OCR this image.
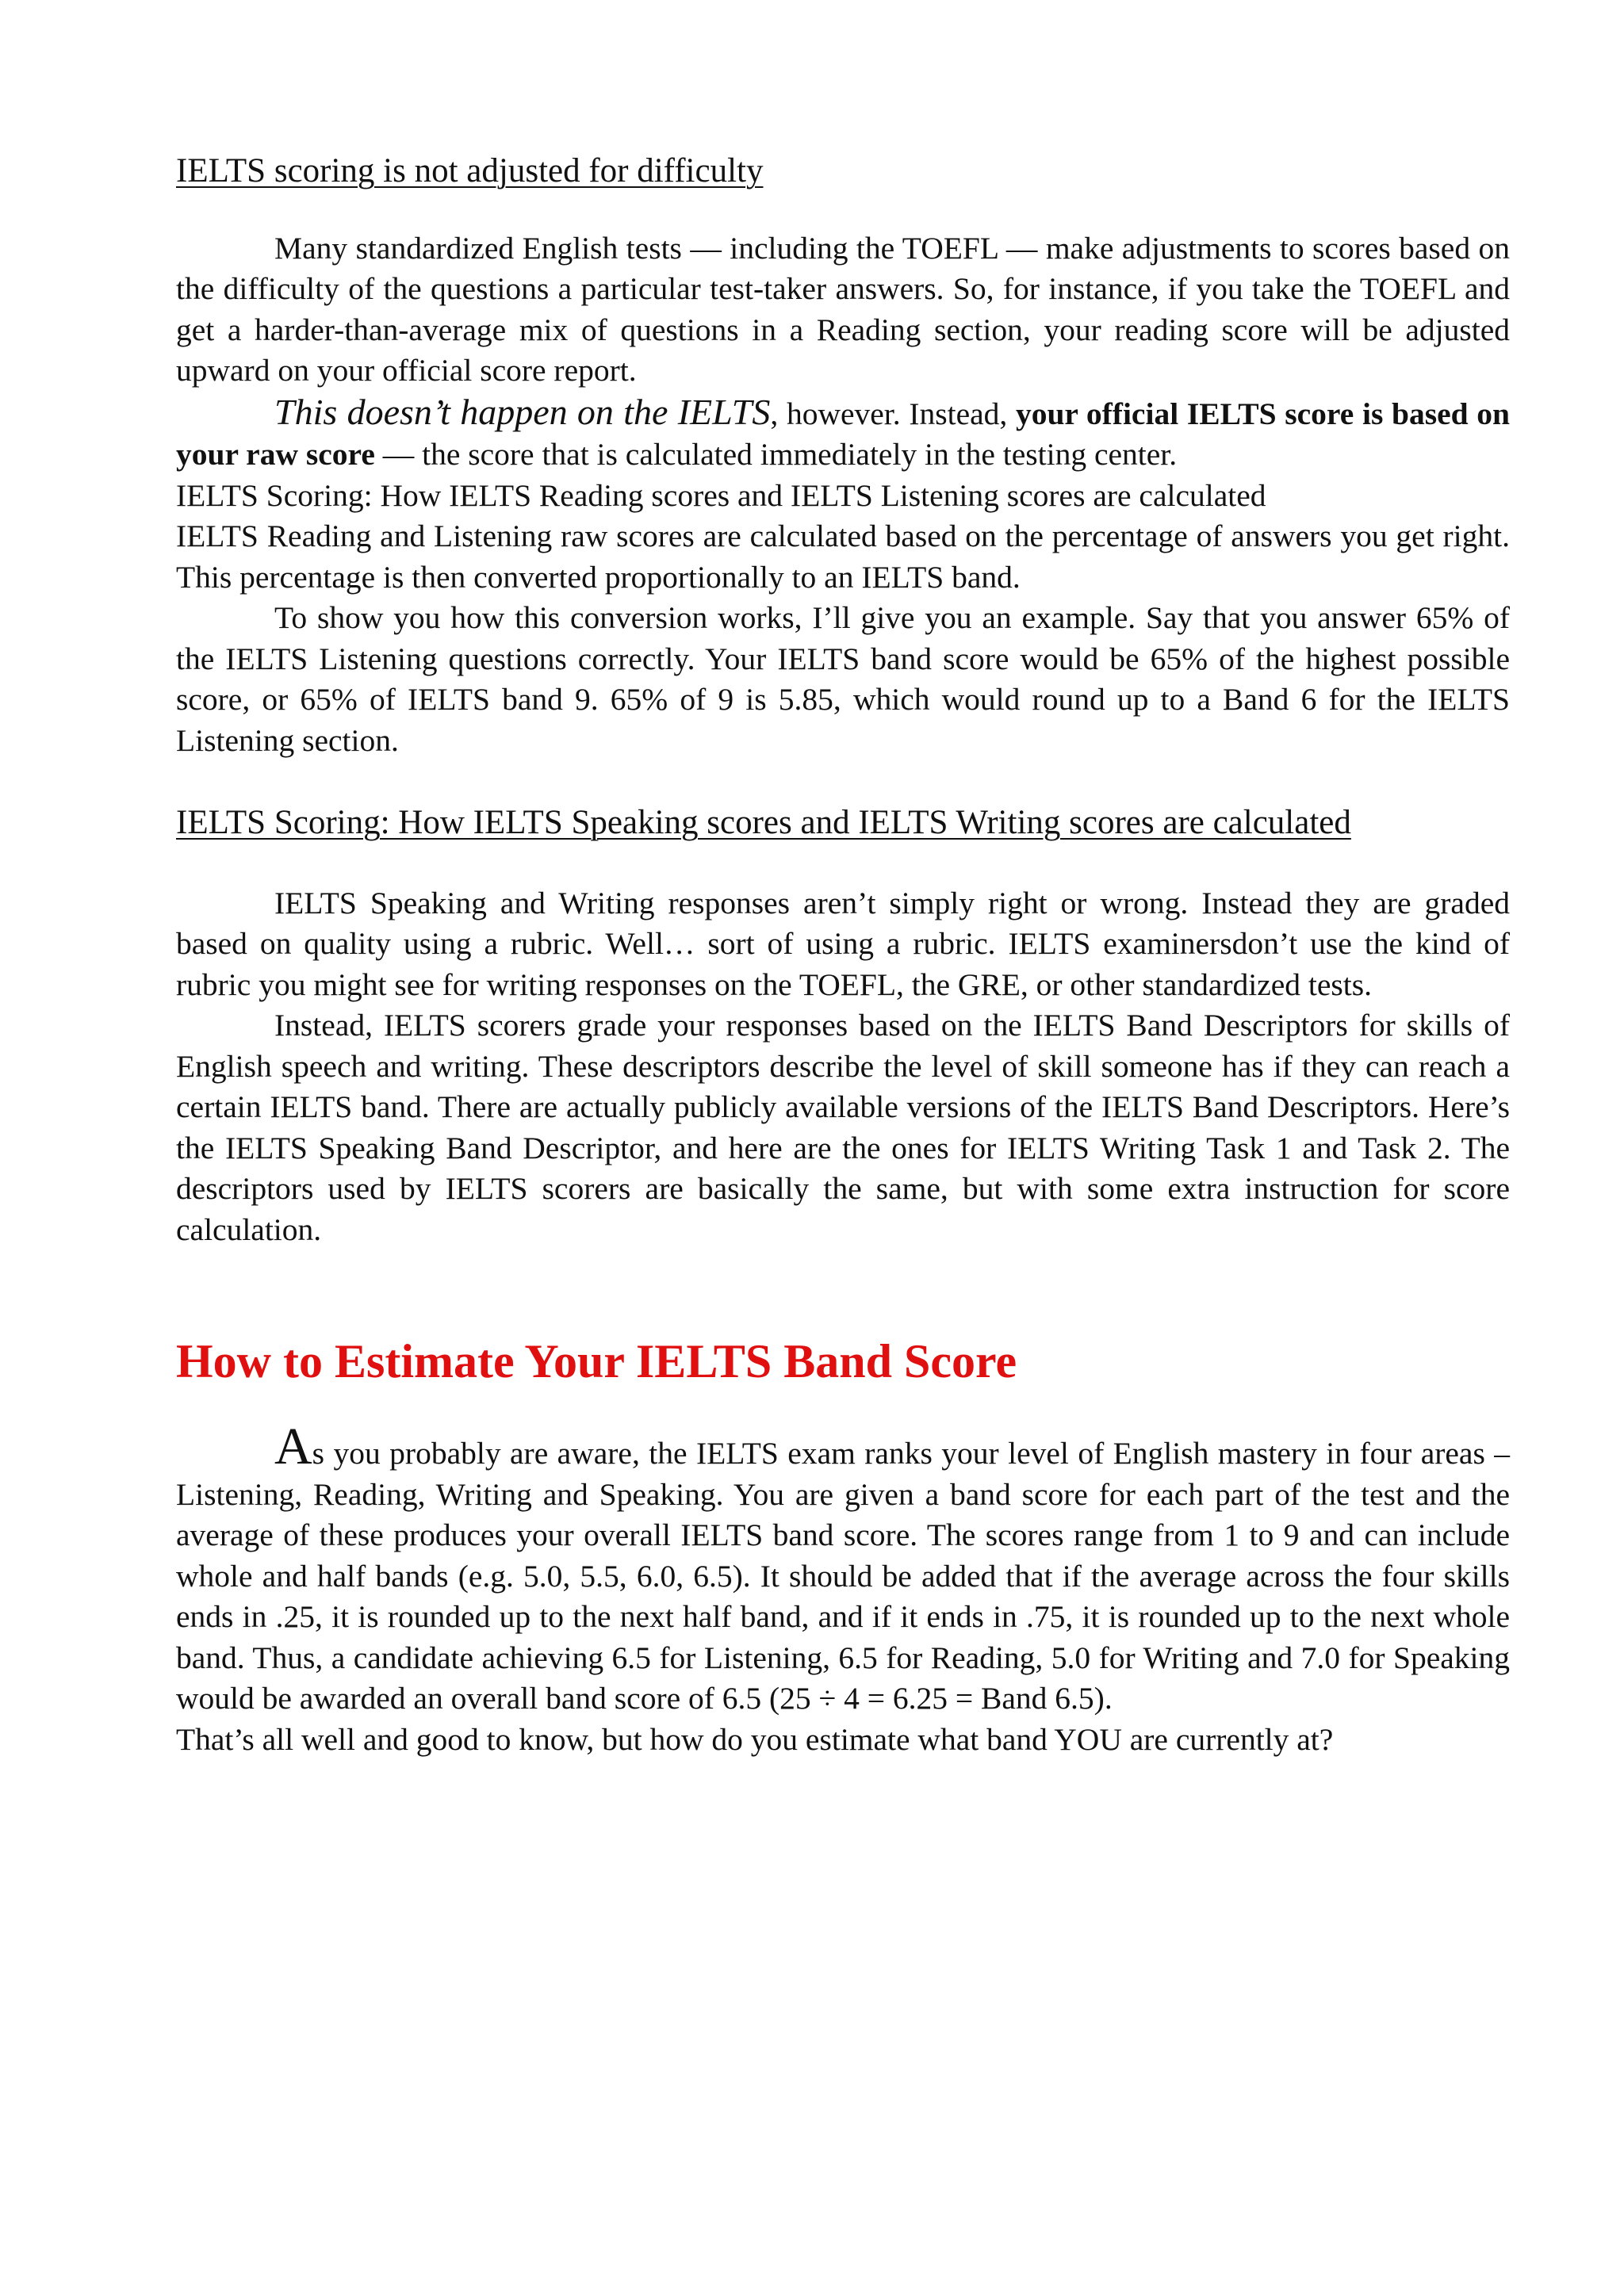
IELTS scoring is not adjusted for difficulty

Many standardized English tests — including the TOEFL — make adjustments to scores based on the difficulty of the questions a particular test-taker answers. So, for instance, if you take the TOEFL and get a harder-than-average mix of questions in a Reading section, your reading score will be adjusted upward on your official score report.

This doesn’t happen on the IELTS, however. Instead, your official IELTS score is based on your raw score — the score that is calculated immediately in the testing center.

IELTS Scoring: How IELTS Reading scores and IELTS Listening scores are calculated

IELTS Reading and Listening raw scores are calculated based on the percentage of answers you get right. This percentage is then converted proportionally to an IELTS band.

To show you how this conversion works, I’ll give you an example. Say that you answer 65% of the IELTS Listening questions correctly. Your IELTS band score would be 65% of the highest possible score, or 65% of IELTS band 9. 65% of 9 is 5.85, which would round up to a Band 6 for the IELTS Listening section.

IELTS Scoring: How IELTS Speaking scores and IELTS Writing scores are calculated

IELTS Speaking and Writing responses aren’t simply right or wrong. Instead they are graded based on quality using a rubric. Well… sort of using a rubric. IELTS examinersdon’t use the kind of rubric you might see for writing responses on the TOEFL, the GRE, or other standardized tests.

Instead, IELTS scorers grade your responses based on the IELTS Band Descriptors for skills of English speech and writing. These descriptors describe the level of skill someone has if they can reach a certain IELTS band. There are actually publicly available versions of the IELTS Band Descriptors. Here’s the IELTS Speaking Band Descriptor, and here are the ones for IELTS Writing Task 1 and Task 2. The descriptors used by IELTS scorers are basically the same, but with some extra instruction for score calculation.

How to Estimate Your IELTS Band Score

As you probably are aware, the IELTS exam ranks your level of English mastery in four areas – Listening, Reading, Writing and Speaking. You are given a band score for each part of the test and the average of these produces your overall IELTS band score. The scores range from 1 to 9 and can include whole and half bands (e.g. 5.0, 5.5, 6.0, 6.5). It should be added that if the average across the four skills ends in .25, it is rounded up to the next half band, and if it ends in .75, it is rounded up to the next whole band. Thus, a candidate achieving 6.5 for Listening, 6.5 for Reading, 5.0 for Writing and 7.0 for Speaking would be awarded an overall band score of 6.5 (25 ÷ 4 = 6.25 = Band 6.5).

That’s all well and good to know, but how do you estimate what band YOU are currently at?
